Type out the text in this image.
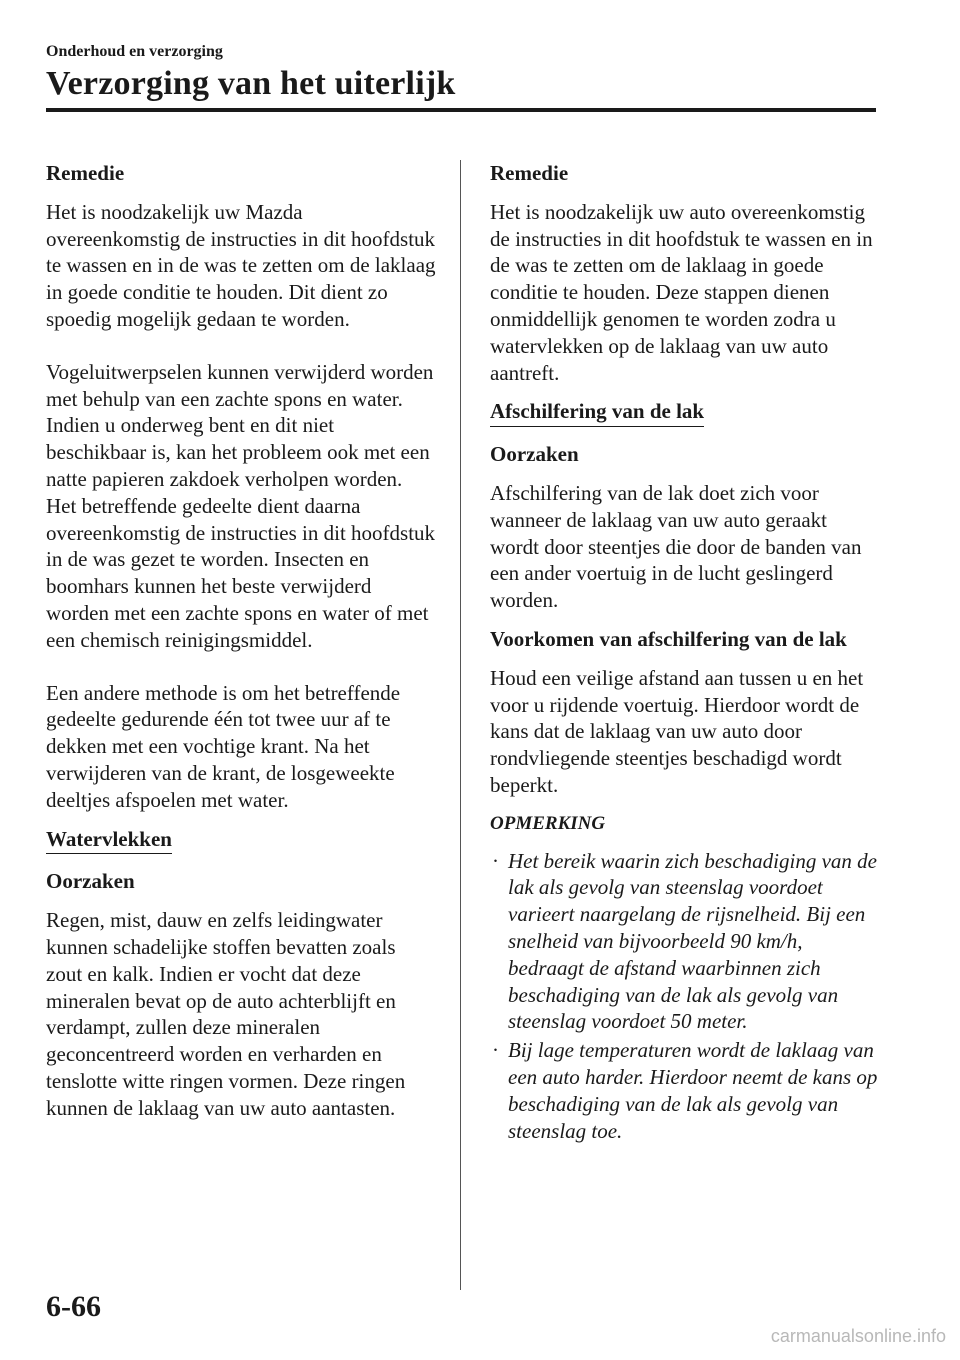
Onderhoud en verzorging
Verzorging van het uiterlijk

Remedie

Het is noodzakelijk uw Mazda overeenkomstig de instructies in dit hoofdstuk te wassen en in de was te zetten om de laklaag in goede conditie te houden. Dit dient zo spoedig mogelijk gedaan te worden.

Vogeluitwerpselen kunnen verwijderd worden met behulp van een zachte spons en water. Indien u onderweg bent en dit niet beschikbaar is, kan het probleem ook met een natte papieren zakdoek verholpen worden. Het betreffende gedeelte dient daarna overeenkomstig de instructies in dit hoofdstuk in de was gezet te worden. Insecten en boomhars kunnen het beste verwijderd worden met een zachte spons en water of met een chemisch reinigingsmiddel.

Een andere methode is om het betreffende gedeelte gedurende één tot twee uur af te dekken met een vochtige krant. Na het verwijderen van de krant, de losgeweekte deeltjes afspoelen met water.

Watervlekken

Oorzaken

Regen, mist, dauw en zelfs leidingwater kunnen schadelijke stoffen bevatten zoals zout en kalk. Indien er vocht dat deze mineralen bevat op de auto achterblijft en verdampt, zullen deze mineralen geconcentreerd worden en verharden en tenslotte witte ringen vormen. Deze ringen kunnen de laklaag van uw auto aantasten.

Remedie

Het is noodzakelijk uw auto overeenkomstig de instructies in dit hoofdstuk te wassen en in de was te zetten om de laklaag in goede conditie te houden. Deze stappen dienen onmiddellijk genomen te worden zodra u watervlekken op de laklaag van uw auto aantreft.

Afschilfering van de lak

Oorzaken

Afschilfering van de lak doet zich voor wanneer de laklaag van uw auto geraakt wordt door steentjes die door de banden van een ander voertuig in de lucht geslingerd worden.

Voorkomen van afschilfering van de lak

Houd een veilige afstand aan tussen u en het voor u rijdende voertuig. Hierdoor wordt de kans dat de laklaag van uw auto door rondvliegende steentjes beschadigd wordt beperkt.

OPMERKING

· Het bereik waarin zich beschadiging van de lak als gevolg van steenslag voordoet varieert naargelang de rijsnelheid. Bij een snelheid van bijvoorbeeld 90 km/h, bedraagt de afstand waarbinnen zich beschadiging van de lak als gevolg van steenslag voordoet 50 meter.
· Bij lage temperaturen wordt de laklaag van een auto harder. Hierdoor neemt de kans op beschadiging van de lak als gevolg van steenslag toe.
6-66
carmanualsonline.info
